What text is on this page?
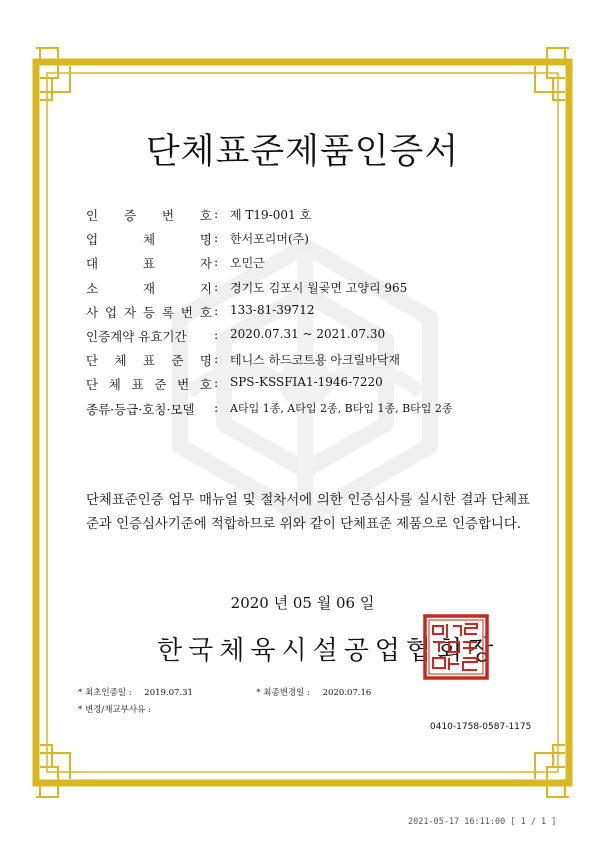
단체표준제품인증서
인 증 번 호 : 제 T19-001 호
업	체	명 : 한서포리머(주)
대	표	자 : 오민근
소	재	지 : 경기도 김포시 월곶면 고양리 965
사 업 자 등 록 번 호 : 133-81-39712
인증계약 유효기간 : 2020.07.31 ~ 2021.07.30
단 체 표 준 명 : 테니스 하드코트용 아크릴바닥재
단 체 표 준 번 호 : SPS-KSSFIA1-1946-7220
종류·등급·호칭·모델	: A타입 1종, A타입 2종, B타입 1종, B타입 2종
단체표준인증 업무 매뉴얼 및 절차서에 의한 인증심사를 실시한 결과 단체표준과 인증심사기준에 적합하므로 위와 같이 단체표준 제품으로 인증합니다.
2020 년 05 월 06 일
한국체육시설공업협회장
* 최초인증일 : 2019.07.31	* 최종변경일 : 2020.07.16
* 변경/재교부사유 :
0410-1758-0587-1175
2021-05-17 16:11:00 [ 1 / 1 ]
